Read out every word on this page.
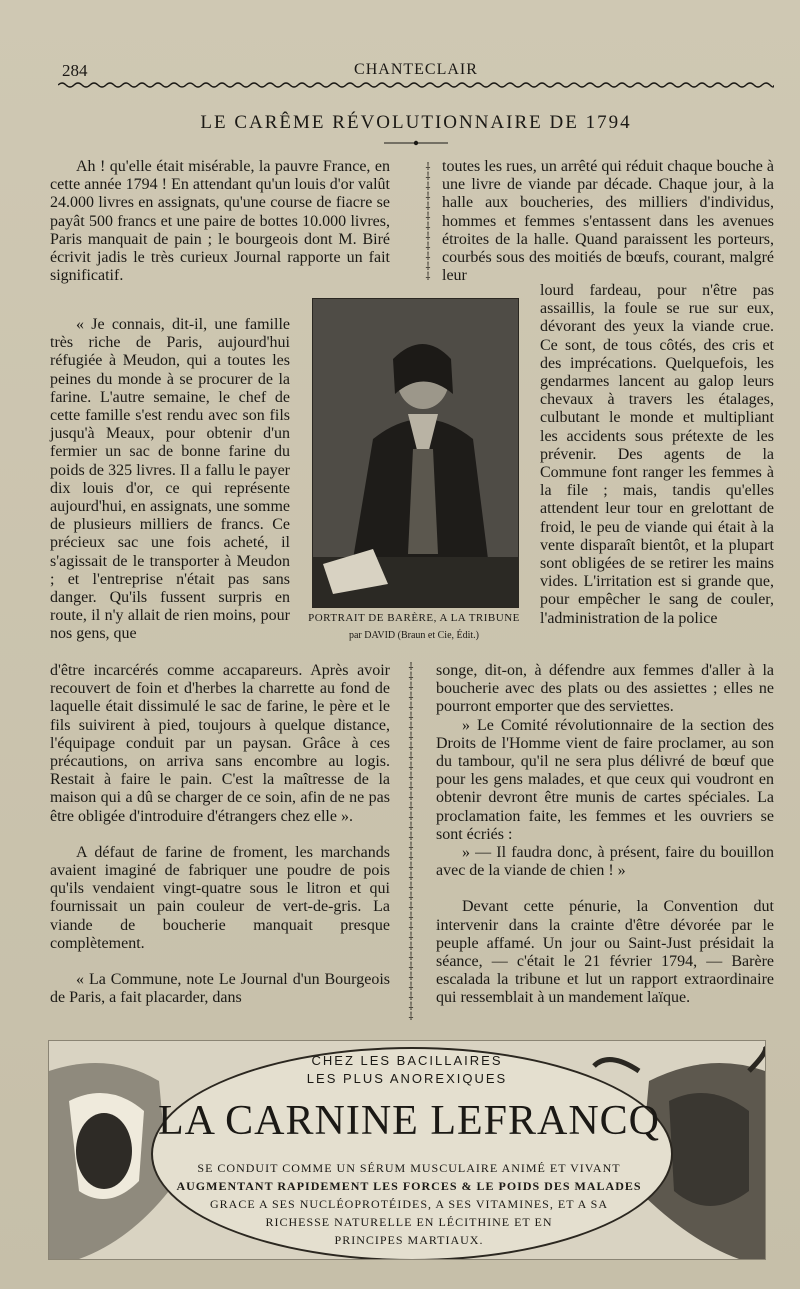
284	CHANTECLAIR
LE CARÊME RÉVOLUTIONNAIRE DE 1794

Ah ! qu'elle était misérable, la pauvre France, en cette année 1794 ! En attendant qu'un louis d'or valût 24.000 livres en assignats, qu'une course de fiacre se payât 500 francs et une paire de bottes 10.000 livres, Paris manquait de pain ; le bourgeois dont M. Biré écrivit jadis le très curieux Journal rapporte un fait significatif.

« Je connais, dit-il, une famille très riche de Paris, aujourd'hui réfugiée à Meudon, qui a toutes les peines du monde à se procurer de la farine. L'autre semaine, le chef de cette famille s'est rendu avec son fils jusqu'à Meaux, pour obtenir d'un fermier un sac de bonne farine du poids de 325 livres. Il a fallu le payer dix louis d'or, ce qui représente aujourd'hui, en assignats, une somme de plusieurs milliers de francs. Ce précieux sac une fois acheté, il s'agissait de le transporter à Meudon ; et l'entreprise n'était pas sans danger. Qu'ils fussent surpris en route, il n'y allait de rien moins, pour nos gens, que

d'être incarcérés comme accapareurs. Après avoir recouvert de foin et d'herbes la charrette au fond de laquelle était dissimulé le sac de farine, le père et le fils suivirent à pied, toujours à quelque distance, l'équipage conduit par un paysan. Grâce à ces précautions, on arriva sans encombre au logis. Restait à faire le pain. C'est la maîtresse de la maison qui a dû se charger de ce soin, afin de ne pas être obligée d'introduire d'étrangers chez elle ».

A défaut de farine de froment, les marchands avaient imaginé de fabriquer une poudre de pois qu'ils vendaient vingt-quatre sous le litron et qui fournissait un pain couleur de vert-de-gris. La viande de boucherie manquait presque complètement.

« La Commune, note Le Journal d'un Bourgeois de Paris, a fait placarder, dans

⸸
⸸
⸸
⸸
⸸
⸸
⸸
⸸
⸸
⸸
⸸
⸸
⸸
⸸
⸸
⸸
⸸
⸸
⸸
⸸
⸸
⸸
⸸
⸸
⸸
⸸
⸸
⸸
⸸
⸸
⸸
⸸
⸸
⸸
⸸
⸸
⸸
⸸
⸸
⸸
⸸
⸸
⸸
⸸
⸸
⸸
⸸
⸸

toutes les rues, un arrêté qui réduit chaque bouche à une livre de viande par décade. Chaque jour, à la halle aux boucheries, des milliers d'individus, hommes et femmes s'entassent dans les avenues étroites de la halle. Quand paraissent les porteurs, courbés sous des moitiés de bœufs, courant, malgré leur

lourd fardeau, pour n'être pas assaillis, la foule se rue sur eux, dévorant des yeux la viande crue. Ce sont, de tous côtés, des cris et des imprécations. Quelquefois, les gendarmes lancent au galop leurs chevaux à travers les étalages, culbutant le monde et multipliant les accidents sous prétexte de les prévenir. Des agents de la Commune font ranger les femmes à la file ; mais, tandis qu'elles attendent leur tour en grelottant de froid, le peu de viande qui était à la vente disparaît bientôt, et la plupart sont obligées de se retirer les mains vides. L'irritation est si grande que, pour empêcher le sang de couler, l'administration de la police

songe, dit-on, à défendre aux femmes d'aller à la boucherie avec des plats ou des assiettes ; elles ne pourront emporter que des serviettes.

» Le Comité révolutionnaire de la section des Droits de l'Homme vient de faire proclamer, au son du tambour, qu'il ne sera plus délivré de bœuf que pour les gens malades, et que ceux qui voudront en obtenir devront être munis de cartes spéciales. La proclamation faite, les femmes et les ouvriers se sont écriés :

» — Il faudra donc, à présent, faire du bouillon avec de la viande de chien ! »

Devant cette pénurie, la Convention dut intervenir dans la crainte d'être dévorée par le peuple affamé. Un jour ou Saint-Just présidait la séance, — c'était le 21 février 1794, — Barère escalada la tribune et lut un rapport extraordinaire qui ressemblait à un mandement laïque.

PORTRAIT DE BARÈRE, A LA TRIBUNE
par DAVID (Braun et Cie, Édit.)
CHEZ LES BACILLAIRES
LES PLUS ANOREXIQUES
LA CARNINE LEFRANCQ
SE CONDUIT COMME UN SÉRUM MUSCULAIRE ANIMÉ ET VIVANT
AUGMENTANT RAPIDEMENT LES FORCES & LE POIDS DES MALADES
GRACE A SES NUCLÉOPROTÉIDES, A SES VITAMINES, ET A SA
RICHESSE NATURELLE EN LÉCITHINE ET EN
PRINCIPES MARTIAUX.
